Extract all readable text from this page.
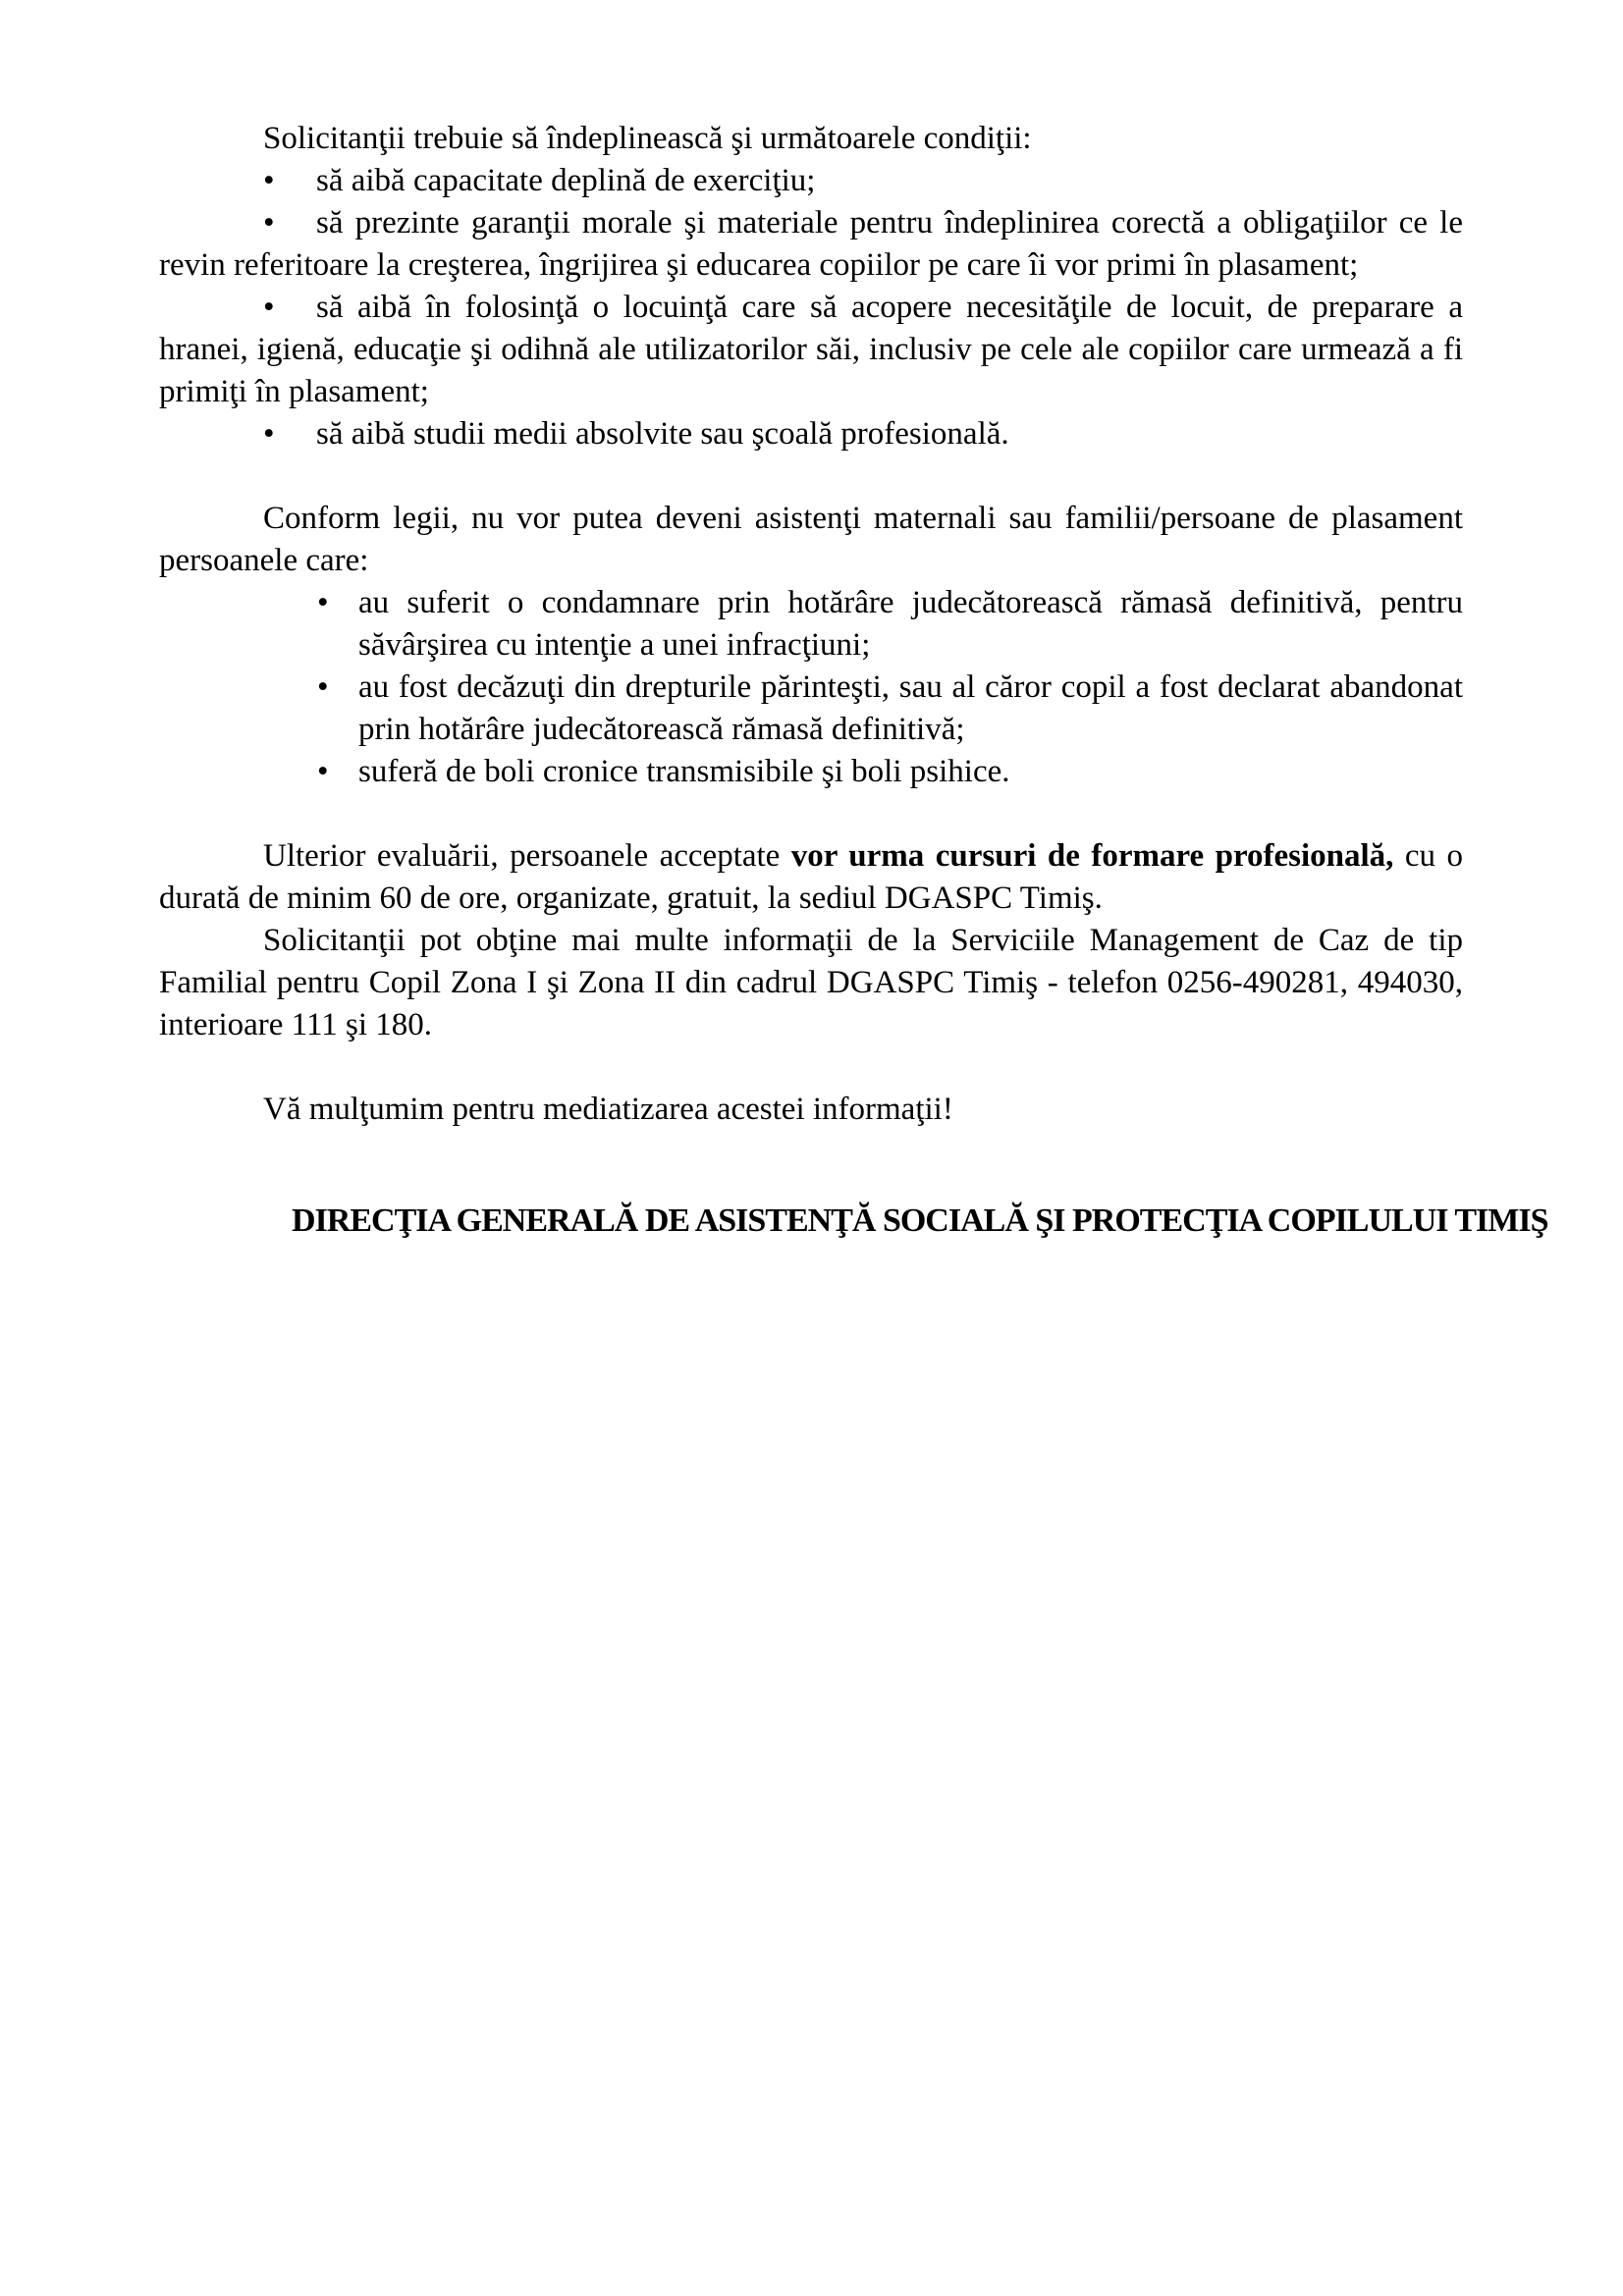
Solicitanţii trebuie să îndeplinească şi următoarele condiţii:

• să aibă capacitate deplină de exerciţiu;

• să prezinte garanţii morale şi materiale pentru îndeplinirea corectă a obligaţiilor ce le revin referitoare la creşterea, îngrijirea şi educarea copiilor pe care îi vor primi în plasament;

• să aibă în folosinţă o locuinţă care să acopere necesităţile de locuit, de preparare a hranei, igienă, educaţie şi odihnă ale utilizatorilor săi, inclusiv pe cele ale copiilor care urmează a fi primiţi în plasament;

• să aibă studii medii absolvite sau şcoală profesională.

Conform legii, nu vor putea deveni asistenţi maternali sau familii/persoane de plasament persoanele care:

• au suferit o condamnare prin hotărâre judecătorească rămasă definitivă, pentru săvârşirea cu intenţie a unei infracţiuni;

• au fost decăzuţi din drepturile părinteşti, sau al căror copil a fost declarat abandonat prin hotărâre judecătorească rămasă definitivă;

• suferă de boli cronice transmisibile şi boli psihice.

Ulterior evaluării, persoanele acceptate vor urma cursuri de formare profesională, cu o durată de minim 60 de ore, organizate, gratuit, la sediul DGASPC Timiş.

Solicitanţii pot obţine mai multe informaţii de la Serviciile Management de Caz de tip Familial pentru Copil Zona I şi Zona II din cadrul DGASPC Timiş - telefon 0256-490281, 494030, interioare 111 şi 180.

Vă mulţumim pentru mediatizarea acestei informaţii!

DIRECŢIA GENERALĂ DE ASISTENŢĂ SOCIALĂ ŞI PROTECŢIA COPILULUI TIMIŞ
